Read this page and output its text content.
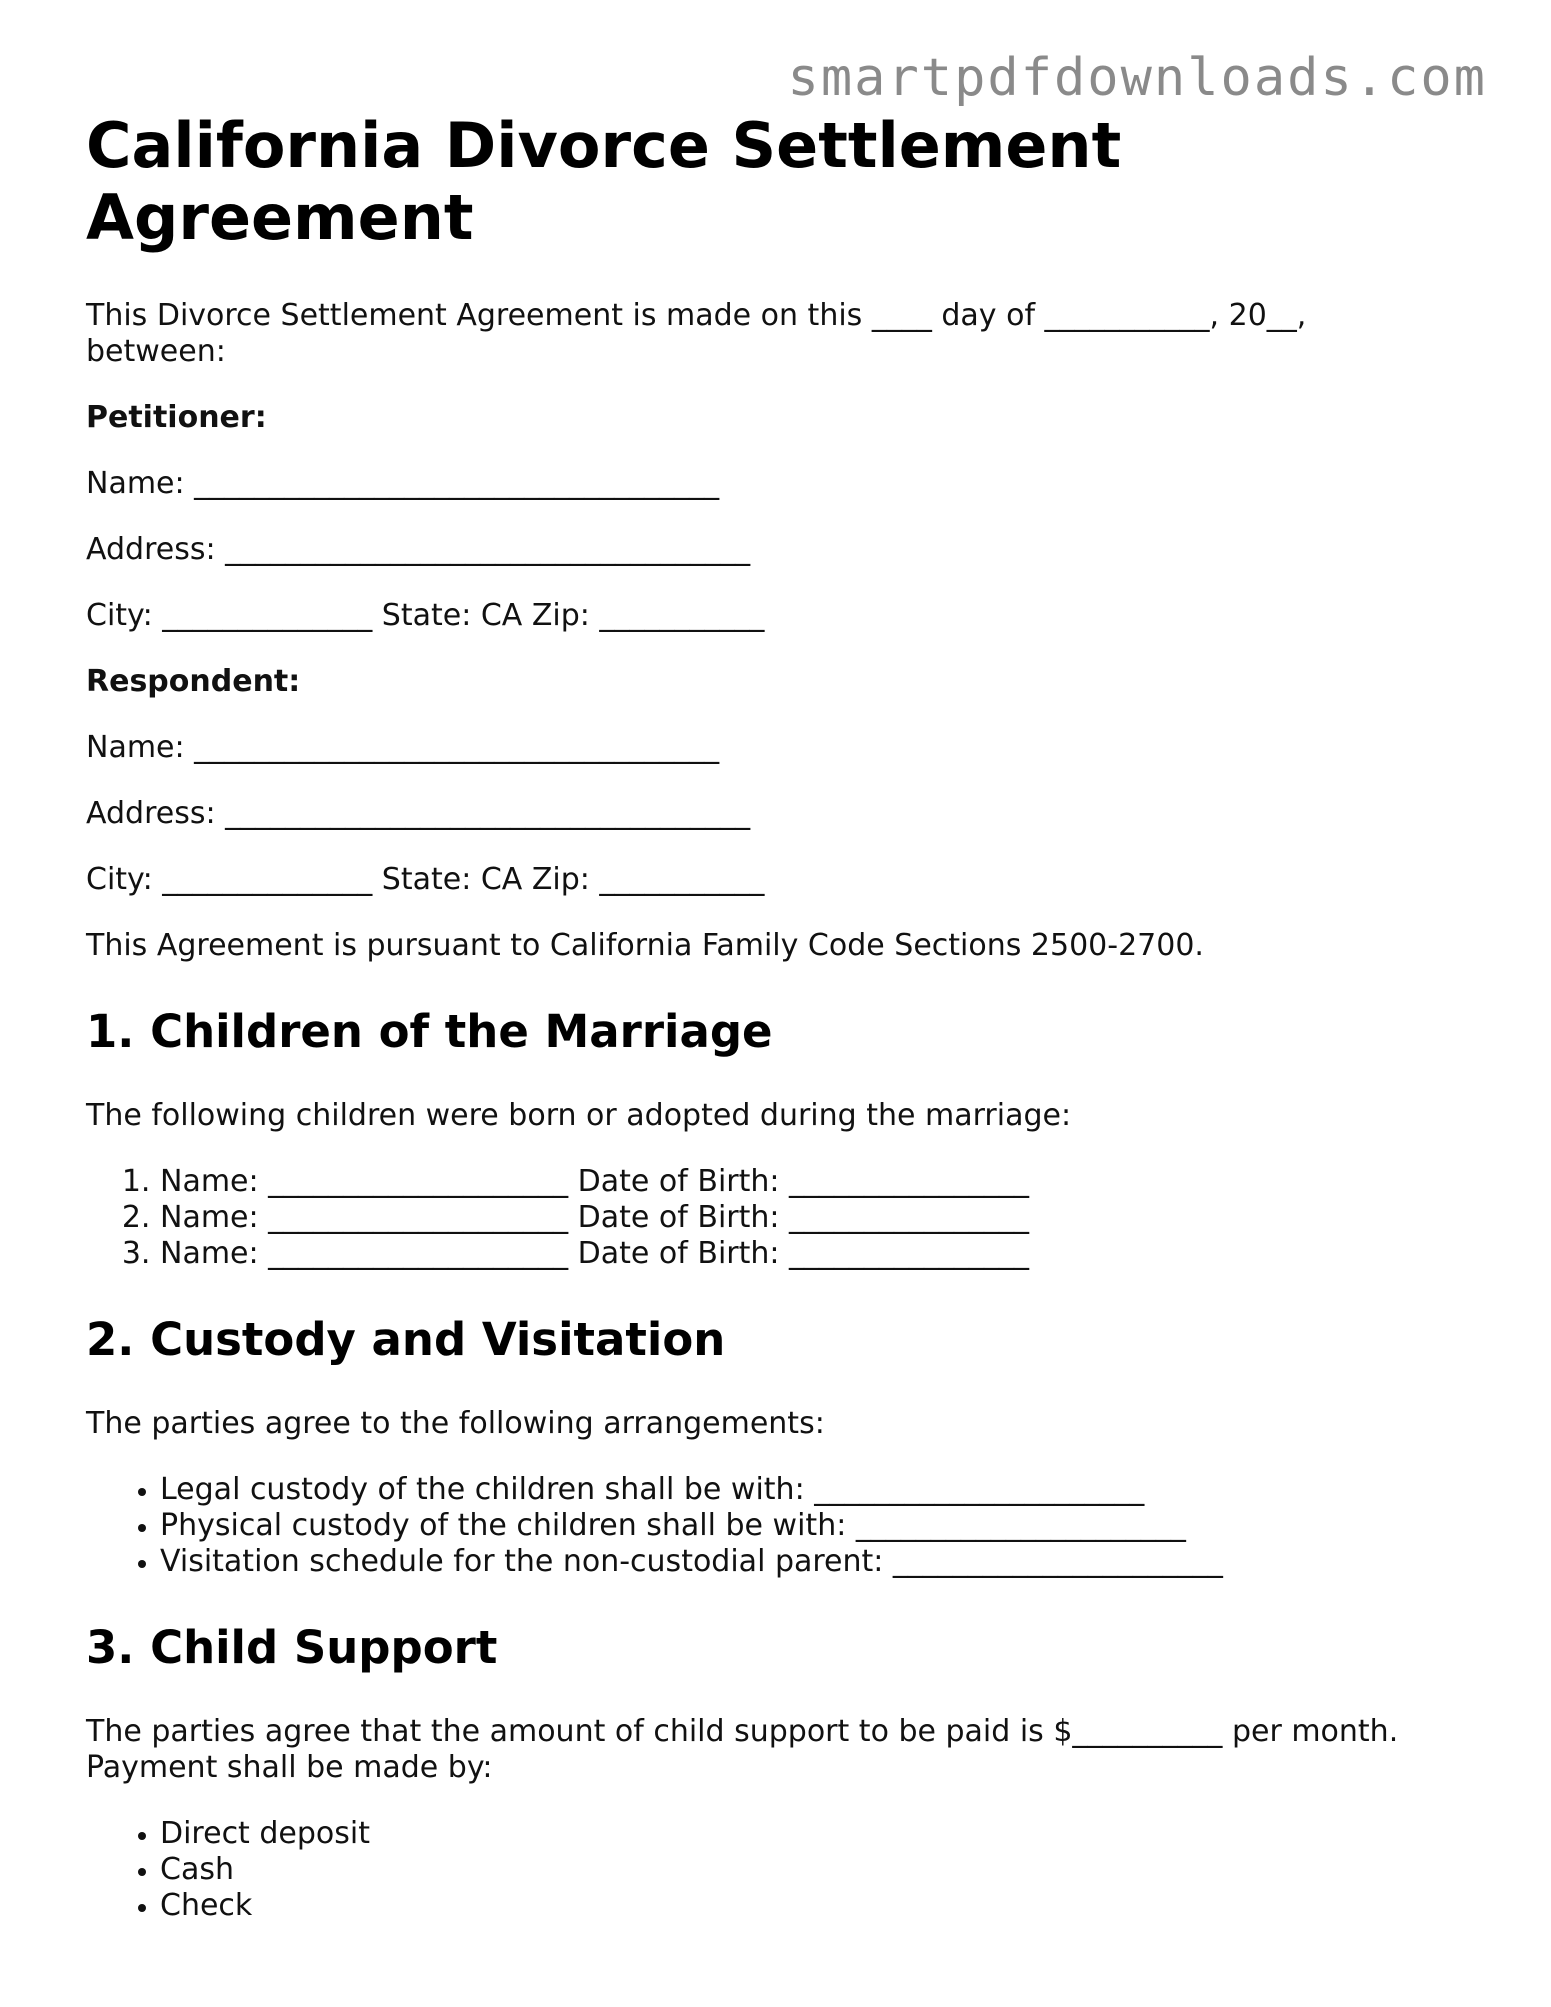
smartpdfdownloads.com
California Divorce Settlement Agreement

This Divorce Settlement Agreement is made on this ____ day of ___________, 20__, between:

Petitioner:

Name: ___________________________________

Address: ___________________________________

City: ______________ State: CA Zip: ___________

Respondent:

Name: ___________________________________

Address: ___________________________________

City: ______________ State: CA Zip: ___________

This Agreement is pursuant to California Family Code Sections 2500-2700.

1. Children of the Marriage

The following children were born or adopted during the marriage:

1. Name: ____________________ Date of Birth: ________________
2. Name: ____________________ Date of Birth: ________________
3. Name: ____________________ Date of Birth: ________________
2. Custody and Visitation

The parties agree to the following arrangements:

• Legal custody of the children shall be with: ______________________
• Physical custody of the children shall be with: ______________________
• Visitation schedule for the non-custodial parent: ______________________
3. Child Support

The parties agree that the amount of child support to be paid is $__________ per month. Payment shall be made by:

• Direct deposit
• Cash
• Check
